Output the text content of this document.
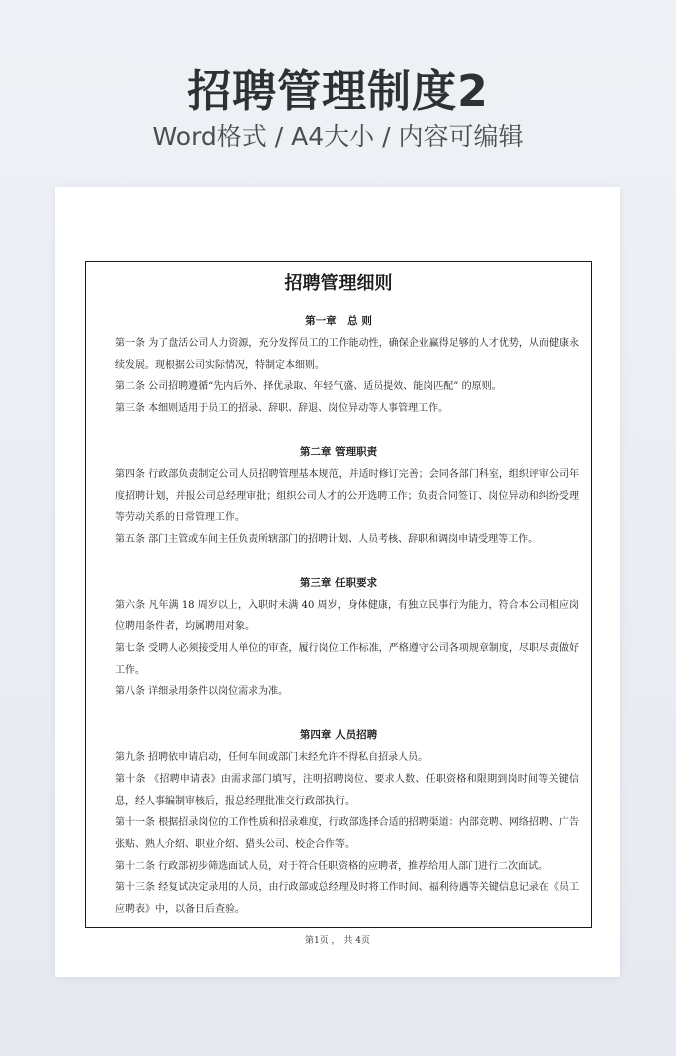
招聘管理制度2
Word格式 / A4大小 / 内容可编辑
招聘管理细则
第一章　总 则

第一条 为了盘活公司人力资源，充分发挥员工的工作能动性，确保企业赢得足够的人才优势，从而健康永续发展。现根据公司实际情况，特制定本细则。

第二条 公司招聘遵循“先内后外、择优录取、年轻气盛、适员提效、能岗匹配” 的原则。

第三条 本细则适用于员工的招录、辞职、辞退、岗位异动等人事管理工作。

第二章 管理职责

第四条 行政部负责制定公司人员招聘管理基本规范，并适时修订完善；会同各部门科室，组织评审公司年度招聘计划，并报公司总经理审批；组织公司人才的公开选聘工作；负责合同签订、岗位异动和纠纷受理等劳动关系的日常管理工作。

第五条 部门主管或车间主任负责所辖部门的招聘计划、人员考核、辞职和调岗申请受理等工作。

第三章 任职要求

第六条 凡年满 18 周岁以上，入职时未满 40 周岁，身体健康，有独立民事行为能力，符合本公司相应岗位聘用条件者，均属聘用对象。

第七条 受聘人必须接受用人单位的审查，履行岗位工作标准，严格遵守公司各项规章制度，尽职尽责做好工作。

第八条 详细录用条件以岗位需求为准。

第四章 人员招聘

第九条 招聘依申请启动，任何车间或部门未经允许不得私自招录人员。

第十条 《招聘申请表》由需求部门填写，注明招聘岗位、要求人数、任职资格和限期到岗时间等关键信息，经人事编制审核后，报总经理批准交行政部执行。

第十一条 根据招录岗位的工作性质和招录难度，行政部选择合适的招聘渠道：内部竞聘、网络招聘、广告张贴、熟人介绍、职业介绍、猎头公司、校企合作等。

第十二条 行政部初步筛选面试人员，对于符合任职资格的应聘者，推荐给用人部门进行二次面试。

第十三条 经复试决定录用的人员，由行政部或总经理及时将工作时间、福利待遇等关键信息记录在《员工应聘表》中，以备日后查验。

第1页 ， 共 4页
